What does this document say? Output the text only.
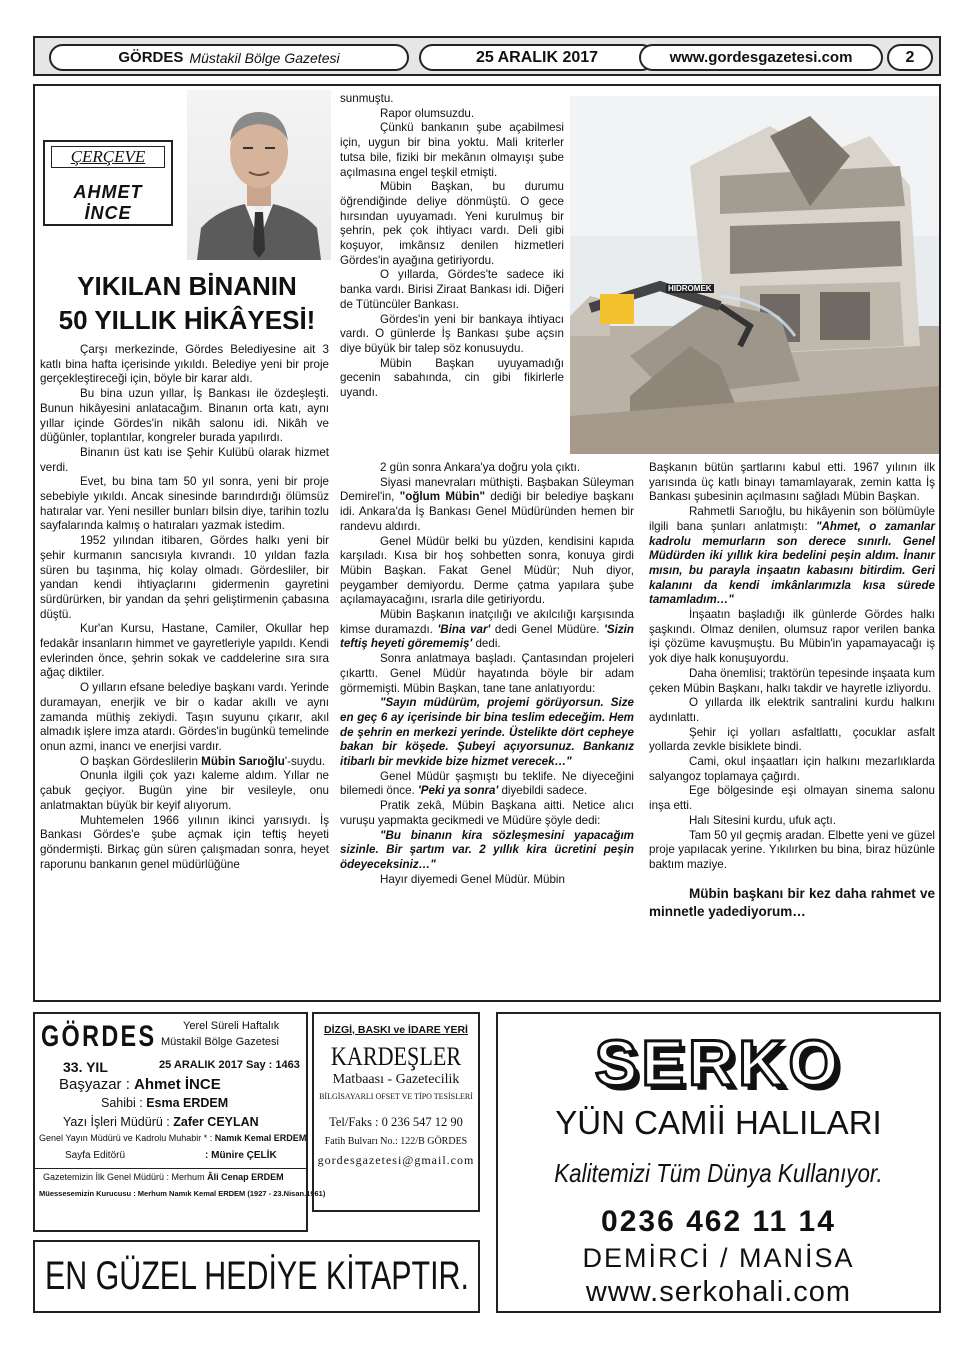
GÖRDES Müstakil Bölge Gazetesi	25 ARALIK 2017	www.gordesgazetesi.com	2
ÇERÇEVE
AHMET
İNCE
YIKILAN BİNANIN
50 YILLIK HİKÂYESİ!

Çarşı merkezinde, Gördes Belediyesine ait 3 katlı bina hafta içerisinde yıkıldı. Belediye yeni bir proje gerçekleştireceği için, böyle bir karar aldı.

Bu bina uzun yıllar, İş Bankası ile özdeşleşti. Bunun hikâyesini anlatacağım. Binanın orta katı, aynı yıllar içinde Gördes'in nikâh salonu idi. Nikâh ve düğünler, toplantılar, kongreler burada yapılırdı.

Binanın üst katı ise Şehir Kulübü olarak hizmet verdi.

Evet, bu bina tam 50 yıl sonra, yeni bir proje sebebiyle yıkıldı. Ancak sinesinde barındırdığı ölümsüz hatıralar var. Yeni nesiller bunları bilsin diye, tarihin tozlu sayfalarında kalmış o hatıraları yazmak istedim.

1952 yılından itibaren, Gördes halkı yeni bir şehir kurmanın sancısıyla kıvrandı. 10 yıldan fazla süren bu taşınma, hiç kolay olmadı. Gördesliler, bir yandan kendi ihtiyaçlarını gidermenin gayretini sürdürürken, bir yandan da şehri geliştirmenin çabasına düştü.

Kur'an Kursu, Hastane, Camiler, Okullar hep fedakâr insanların himmet ve gayretleriyle yapıldı. Kendi evlerinden önce, şehrin sokak ve caddelerine sıra sıra ağaç diktiler.

O yılların efsane belediye başkanı vardı. Yerinde duramayan, enerjik ve bir o kadar akıllı ve aynı zamanda müthiş zekiydi. Taşın suyunu çıkarır, akıl almadık işlere imza atardı. Gördes'in bugünkü temelinde onun azmi, inancı ve enerjisi vardır.

O başkan Gördeslilerin Mübin Sarıoğlu'-suydu.

Onunla ilgili çok yazı kaleme aldım. Yıllar ne çabuk geçiyor. Bugün yine bir vesileyle, onu anlatmaktan büyük bir keyif alıyorum.

Muhtemelen 1966 yılının ikinci yarısıydı. İş Bankası Gördes'e şube açmak için teftiş heyeti göndermişti. Birkaç gün süren çalışmadan sonra, heyet raporunu bankanın genel müdürlüğüne

sunmuştu.

Rapor olumsuzdu.

Çünkü bankanın şube açabilmesi için, uygun bir bina yoktu. Mali kriterler tutsa bile, fiziki bir mekânın olmayışı şube açılmasına engel teşkil etmişti.

Mübin Başkan, bu durumu öğrendiğinde deliye dönmüştü. O gece hırsından uyuyamadı. Yeni kurulmuş bir şehrin, pek çok ihtiyacı vardı. Deli gibi koşuyor, imkânsız denilen hizmetleri Gördes'in ayağına getiriyordu.

O yıllarda, Gördes'te sadece iki banka vardı. Birisi Ziraat Bankası idi. Diğeri de Tütüncüler Bankası.

Gördes'in yeni bir bankaya ihtiyacı vardı. O günlerde İş Bankası şube açsın diye büyük bir talep söz konusuydu.

Mübin Başkan uyuyamadığı gecenin sabahında, cin gibi fikirlerle uyandı.

HIDROMEK

2 gün sonra Ankara'ya doğru yola çıktı.

Siyasi manevraları müthişti. Başbakan Süleyman Demirel'in, "oğlum Mübin" dediği bir belediye başkanı idi. Ankara'da İş Bankası Genel Müdüründen hemen bir randevu aldırdı.

Genel Müdür belki bu yüzden, kendisini kapıda karşıladı. Kısa bir hoş sohbetten sonra, konuya girdi Mübin Başkan. Fakat Genel Müdür; Nuh diyor, peygamber demiyordu. Derme çatma yapılara şube açılamayacağını, ısrarla dile getiriyordu.

Mübin Başkanın inatçılığı ve akılcılığı karşısında kimse duramazdı. 'Bina var' dedi Genel Müdüre. 'Sizin teftiş heyeti görememiş' dedi.

Sonra anlatmaya başladı. Çantasından projeleri çıkarttı. Genel Müdür hayatında böyle bir adam görmemişti. Mübin Başkan, tane tane anlatıyordu:

"Sayın müdürüm, projemi görüyorsun. Size en geç 6 ay içerisinde bir bina teslim edeceğim. Hem de şehrin en merkezi yerinde. Üstelikte dört cepheye bakan bir köşede. Şubeyi açıyorsunuz. Bankanız itibarlı bir mevkide bize hizmet verecek…"

Genel Müdür şaşmıştı bu teklife. Ne diyeceğini bilemedi önce. 'Peki ya sonra' diyebildi sadece.

Pratik zekâ, Mübin Başkana aitti. Netice alıcı vuruşu yapmakta gecikmedi ve Müdüre şöyle dedi:

"Bu binanın kira sözleşmesini yapacağım sizinle. Bir şartım var. 2 yıllık kira ücretini peşin ödeyeceksiniz…"

Hayır diyemedi Genel Müdür. Mübin

Başkanın bütün şartlarını kabul etti. 1967 yılının ilk yarısında üç katlı binayı tamamlayarak, zemin katta İş Bankası şubesinin açılmasını sağladı Mübin Başkan.

Rahmetli Sarıoğlu, bu hikâyenin son bölümüyle ilgili bana şunları anlatmıştı: "Ahmet, o zamanlar kadrolu memurların son derece sınırlı. Genel Müdürden iki yıllık kira bedelini peşin aldım. İnanır mısın, bu parayla inşaatın kabasını bitirdim. Geri kalanını da kendi imkânlarımızla kısa sürede tamamladım…"

İnşaatın başladığı ilk günlerde Gördes halkı şaşkındı. Olmaz denilen, olumsuz rapor verilen banka işi çözüme kavuşmuştu. Bu Mübin'in yapamayacağı iş yok diye halk konuşuyordu.

Daha önemlisi; traktörün tepesinde inşaata kum çeken Mübin Başkanı, halkı takdir ve hayretle izliyordu.

O yıllarda ilk elektrik santralini kurdu halkını aydınlattı.

Şehir içi yolları asfaltlattı, çocuklar asfalt yollarda zevkle bisiklete bindi.

Cami, okul inşaatları için halkını mezarlıklarda salyangoz toplamaya çağırdı.

Ege bölgesinde eşi olmayan sinema salonu inşa etti.

Halı Sitesini kurdu, ufuk açtı.

Tam 50 yıl geçmiş aradan. Elbette yeni ve güzel proje yapılacak yerine. Yıkılırken bu bina, biraz hüzünle baktım maziye.

Mübin başkanı bir kez daha rahmet ve minnetle yadediyorum…

GÖRDES Yerel Süreli Haftalık
Müstakil Bölge Gazetesi
33. YIL	25 ARALIK 2017 Say : 1463
Başyazar : Ahmet İNCE
Sahibi : Esma ERDEM
Yazı İşleri Müdürü : Zafer CEYLAN
Genel Yayın Müdürü ve Kadrolu Muhabir * : Namık Kemal ERDEM
Sayfa Editörü	: Münire ÇELİK
Gazetemizin İlk Genel Müdürü : Merhum Âli Cenap ERDEM
Müessesemizin Kurucusu : Merhum Namık Kemal ERDEM (1927 - 23.Nisan.1961)
DİZGİ, BASKI ve İDARE YERİ
KARDEŞLER
Matbaası - Gazetecilik
BİLGİSAYARLI OFSET VE TİPO TESİSLERİ
Tel/Faks : 0 236 547 12 90
Fatih Bulvarı No.: 122/B GÖRDES
gordesgazetesi@gmail.com
EN GÜZEL HEDİYE KİTAPTIR.
SERKO
YÜN CAMİİ HALILARI
Kalitemizi Tüm Dünya Kullanıyor.
0236 462 11 14
DEMİRCİ / MANİSA
www.serkohali.com
